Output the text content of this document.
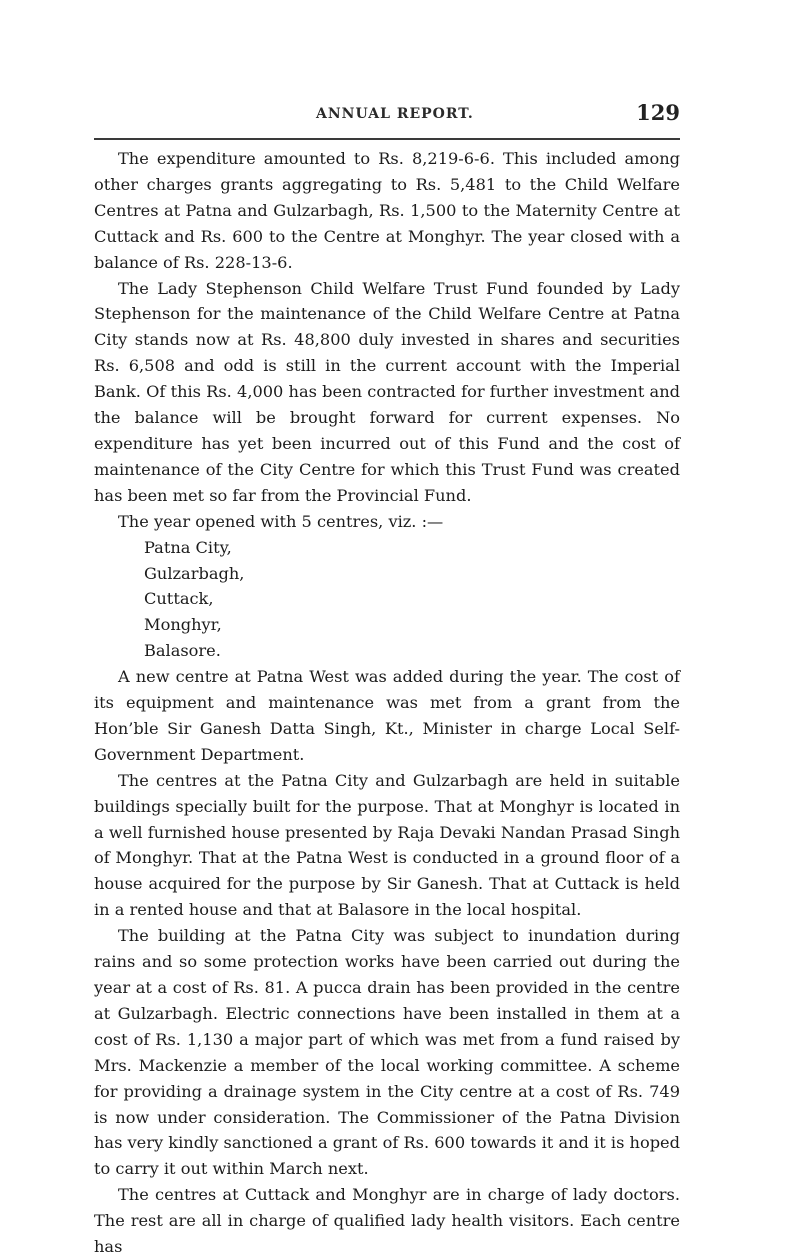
ANNUAL REPORT.	129

The expenditure amounted to Rs. 8,219-6-6. This included among other charges grants aggregating to Rs. 5,481 to the Child Welfare Centres at Patna and Gulzarbagh, Rs. 1,500 to the Maternity Centre at Cuttack and Rs. 600 to the Centre at Monghyr. The year closed with a balance of Rs. 228-13-6.

The Lady Stephenson Child Welfare Trust Fund founded by Lady Stephenson for the maintenance of the Child Welfare Centre at Patna City stands now at Rs. 48,800 duly invested in shares and securities Rs. 6,508 and odd is still in the current account with the Imperial Bank. Of this Rs. 4,000 has been contracted for further investment and the balance will be brought forward for current expenses. No expenditure has yet been incurred out of this Fund and the cost of maintenance of the City Centre for which this Trust Fund was created has been met so far from the Provincial Fund.

The year opened with 5 centres, viz. :—

Patna City,
Gulzarbagh,
Cuttack,
Monghyr,
Balasore.

A new centre at Patna West was added during the year. The cost of its equipment and maintenance was met from a grant from the Hon’ble Sir Ganesh Datta Singh, Kt., Minister in charge Local Self-Government Department.

The centres at the Patna City and Gulzarbagh are held in suitable buildings specially built for the purpose. That at Monghyr is located in a well furnished house presented by Raja Devaki Nandan Prasad Singh of Monghyr. That at the Patna West is conducted in a ground floor of a house acquired for the purpose by Sir Ganesh. That at Cuttack is held in a rented house and that at Balasore in the local hospital.

The building at the Patna City was subject to inundation during rains and so some protection works have been carried out during the year at a cost of Rs. 81. A pucca drain has been provided in the centre at Gulzarbagh. Electric connections have been installed in them at a cost of Rs. 1,130 a major part of which was met from a fund raised by Mrs. Mackenzie a member of the local working committee. A scheme for providing a drainage system in the City centre at a cost of Rs. 749 is now under consideration. The Commissioner of the Patna Division has very kindly sanctioned a grant of Rs. 600 towards it and it is hoped to carry it out within March next.

The centres at Cuttack and Monghyr are in charge of lady doctors. The rest are all in charge of qualified lady health visitors. Each centre has
